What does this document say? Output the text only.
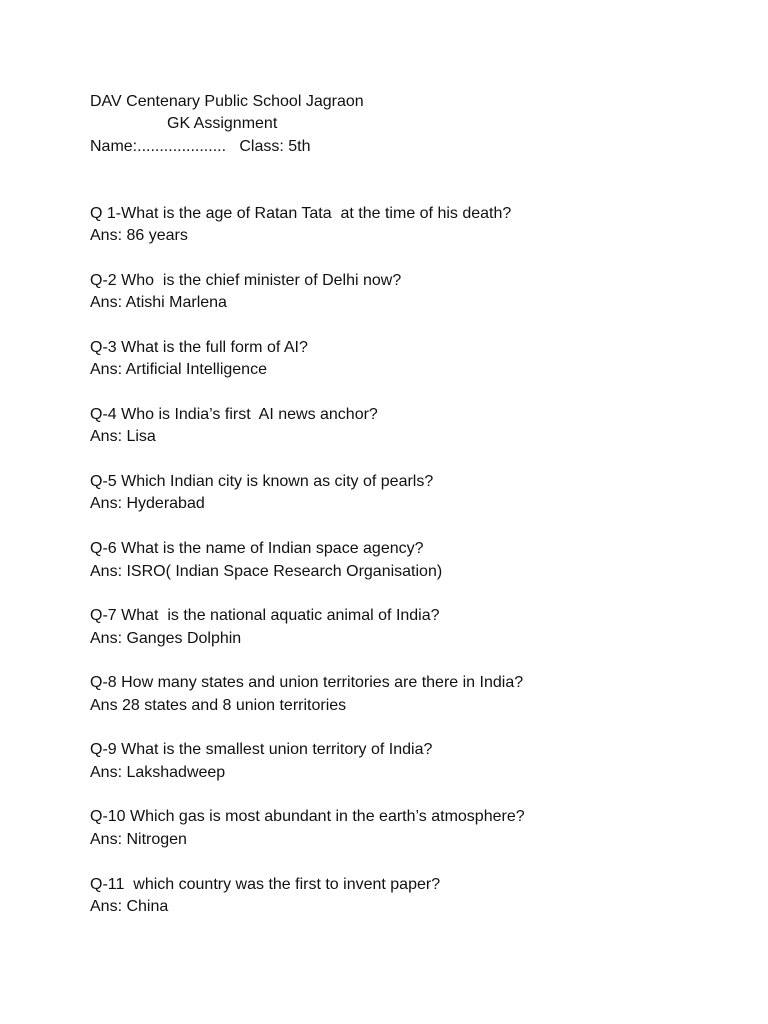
DAV Centenary Public School Jagraon
GK Assignment
Name:....................   Class: 5th
Q 1-What is the age of Ratan Tata  at the time of his death?
Ans: 86 years
Q-2 Who  is the chief minister of Delhi now?
Ans: Atishi Marlena
Q-3 What is the full form of AI?
Ans: Artificial Intelligence
Q-4 Who is India’s first  AI news anchor?
Ans: Lisa
Q-5 Which Indian city is known as city of pearls?
Ans: Hyderabad
Q-6 What is the name of Indian space agency?
Ans: ISRO( Indian Space Research Organisation)
Q-7 What  is the national aquatic animal of India?
Ans: Ganges Dolphin
Q-8 How many states and union territories are there in India?
Ans 28 states and 8 union territories
Q-9 What is the smallest union territory of India?
Ans: Lakshadweep
Q-10 Which gas is most abundant in the earth’s atmosphere?
Ans: Nitrogen
Q-11  which country was the first to invent paper?
Ans: China
